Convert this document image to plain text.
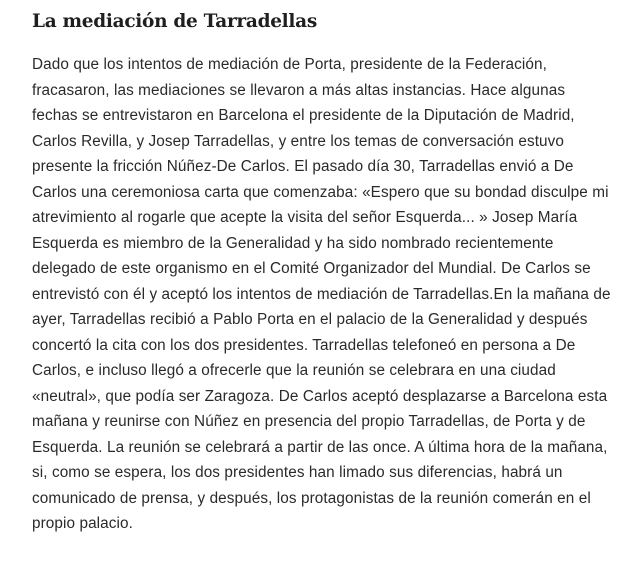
La mediación de Tarradellas

Dado que los intentos de mediación de Porta, presidente de la Federación, fracasaron, las mediaciones se llevaron a más altas instancias. Hace algunas fechas se entrevistaron en Barcelona el presidente de la Diputación de Madrid, Carlos Revilla, y Josep Tarradellas, y entre los temas de conversación estuvo presente la fricción Núñez-De Carlos. El pasado día 30, Tarradellas envió a De Carlos una ceremoniosa carta que comenzaba: «Espero que su bondad disculpe mi atrevimiento al rogarle que acepte la visita del señor Esquerda... » Josep María Esquerda es miembro de la Generalidad y ha sido nombrado recientemente delegado de este organismo en el Comité Organizador del Mundial. De Carlos se entrevistó con él y aceptó los intentos de mediación de Tarradellas.En la mañana de ayer, Tarradellas recibió a Pablo Porta en el palacio de la Generalidad y después concertó la cita con los dos presidentes. Tarradellas telefoneó en persona a De Carlos, e incluso llegó a ofrecerle que la reunión se celebrara en una ciudad «neutral», que podía ser Zaragoza. De Carlos aceptó desplazarse a Barcelona esta mañana y reunirse con Núñez en presencia del propio Tarradellas, de Porta y de Esquerda. La reunión se celebrará a partir de las once. A última hora de la mañana, si, como se espera, los dos presidentes han limado sus diferencias, habrá un comunicado de prensa, y después, los protagonistas de la reunión comerán en el propio palacio.
